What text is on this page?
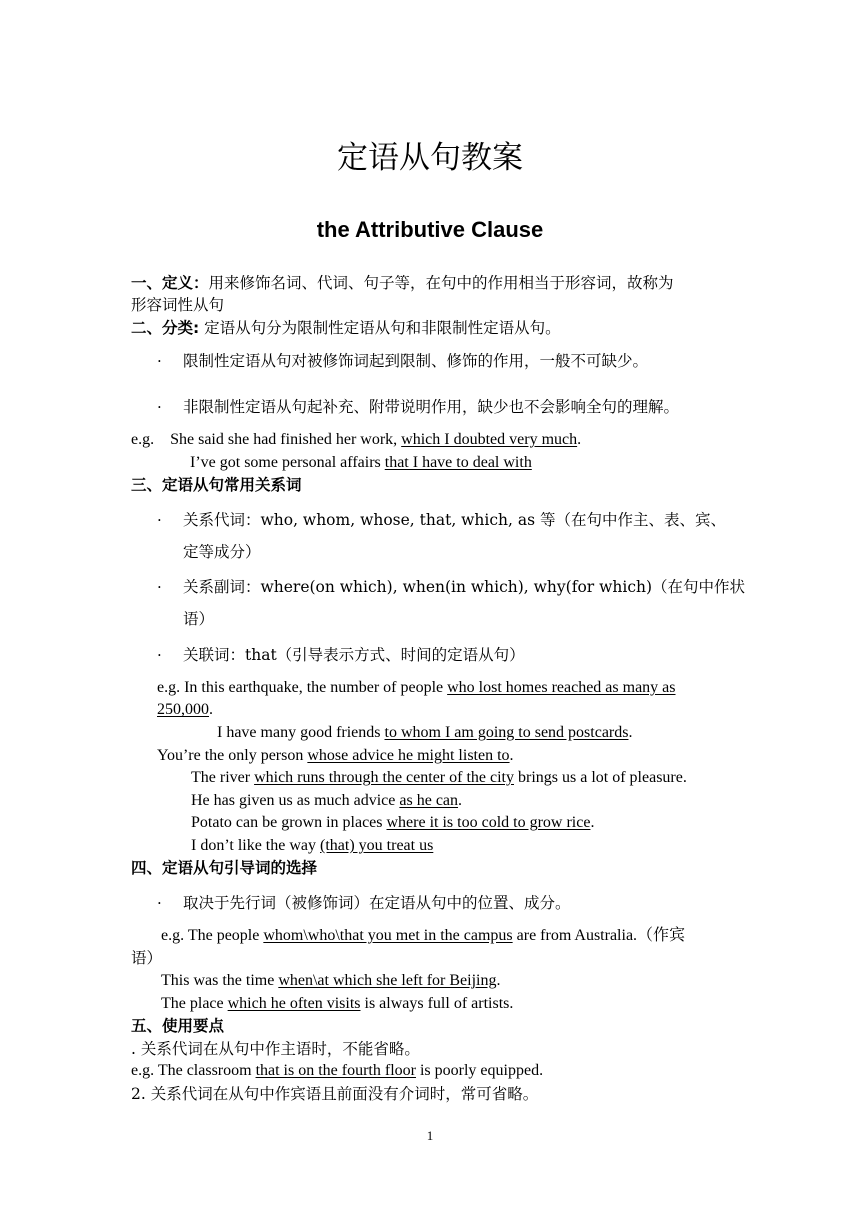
定语从句教案
the Attributive Clause
一、定义：用来修饰名词、代词、句子等，在句中的作用相当于形容词，故称为
形容词性从句
二、分类: 定语从句分为限制性定语从句和非限制性定语从句。
· 限制性定语从句对被修饰词起到限制、修饰的作用，一般不可缺少。
· 非限制性定语从句起补充、附带说明作用，缺少也不会影响全句的理解。
e.g.    She said she had finished her work, which I doubted very much.
I’ve got some personal affairs that I have to deal with
三、定语从句常用关系词
· 关系代词：who, whom, whose, that, which, as 等（在句中作主、表、宾、
定等成分）
· 关系副词：where(on which), when(in which), why(for which)（在句中作状
语）
· 关联词：that（引导表示方式、时间的定语从句）
e.g. In this earthquake, the number of people who lost homes reached as many as
250,000.
I have many good friends to whom I am going to send postcards.
You’re the only person whose advice he might listen to.
The river which runs through the center of the city brings us a lot of pleasure.
He has given us as much advice as he can.
Potato can be grown in places where it is too cold to grow rice.
I don’t like the way (that) you treat us
四、定语从句引导词的选择
· 取决于先行词（被修饰词）在定语从句中的位置、成分。
e.g. The people whom\who\that you met in the campus are from Australia.（作宾
语）
This was the time when\at which she left for Beijing.
The place which he often visits is always full of artists.
五、使用要点
. 关系代词在从句中作主语时，不能省略。
e.g. The classroom that is on the fourth floor is poorly equipped.
2. 关系代词在从句中作宾语且前面没有介词时，常可省略。
1
